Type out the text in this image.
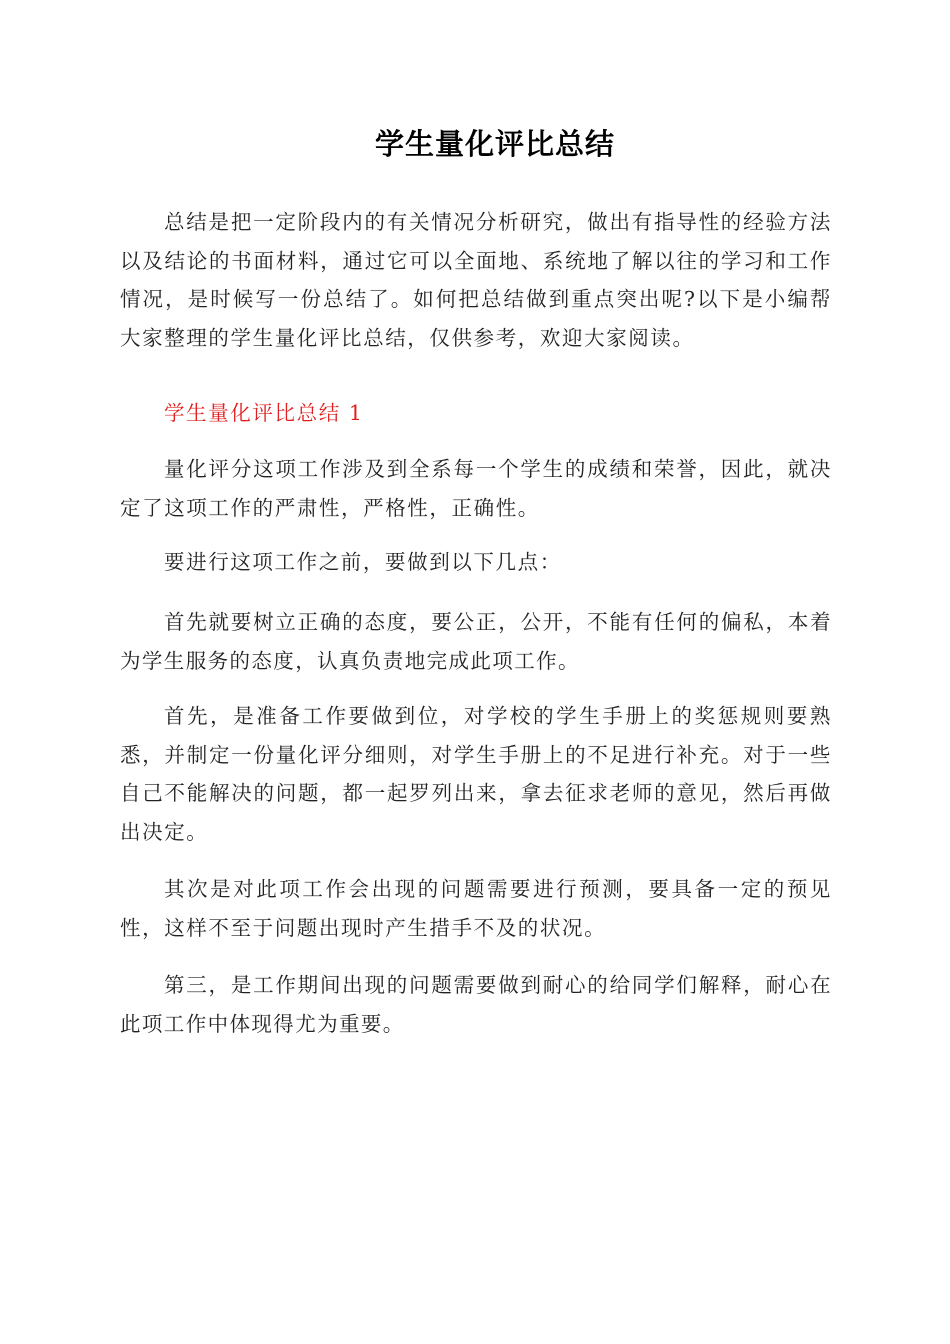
学生量化评比总结

总结是把一定阶段内的有关情况分析研究，做出有指导性的经验方法以及结论的书面材料，通过它可以全面地、系统地了解以往的学习和工作情况，是时候写一份总结了。如何把总结做到重点突出呢?以下是小编帮大家整理的学生量化评比总结，仅供参考，欢迎大家阅读。

学生量化评比总结 1

量化评分这项工作涉及到全系每一个学生的成绩和荣誉，因此，就决定了这项工作的严肃性，严格性，正确性。

要进行这项工作之前，要做到以下几点：

首先就要树立正确的态度，要公正，公开，不能有任何的偏私，本着 为学生服务的态度，认真负责地完成此项工作。

首先，是准备工作要做到位，对学校的学生手册上的奖惩规则要熟悉，并制定一份量化评分细则，对学生手册上的不足进行补充。对于一些自己不能解决的问题，都一起罗列出来，拿去征求老师的意见，然后再做出决定。

其次是对此项工作会出现的问题需要进行预测，要具备一定的预见性，这样不至于问题出现时产生措手不及的状况。

第三，是工作期间出现的问题需要做到耐心的给同学们解释，耐心在 此项工作中体现得尤为重要。
